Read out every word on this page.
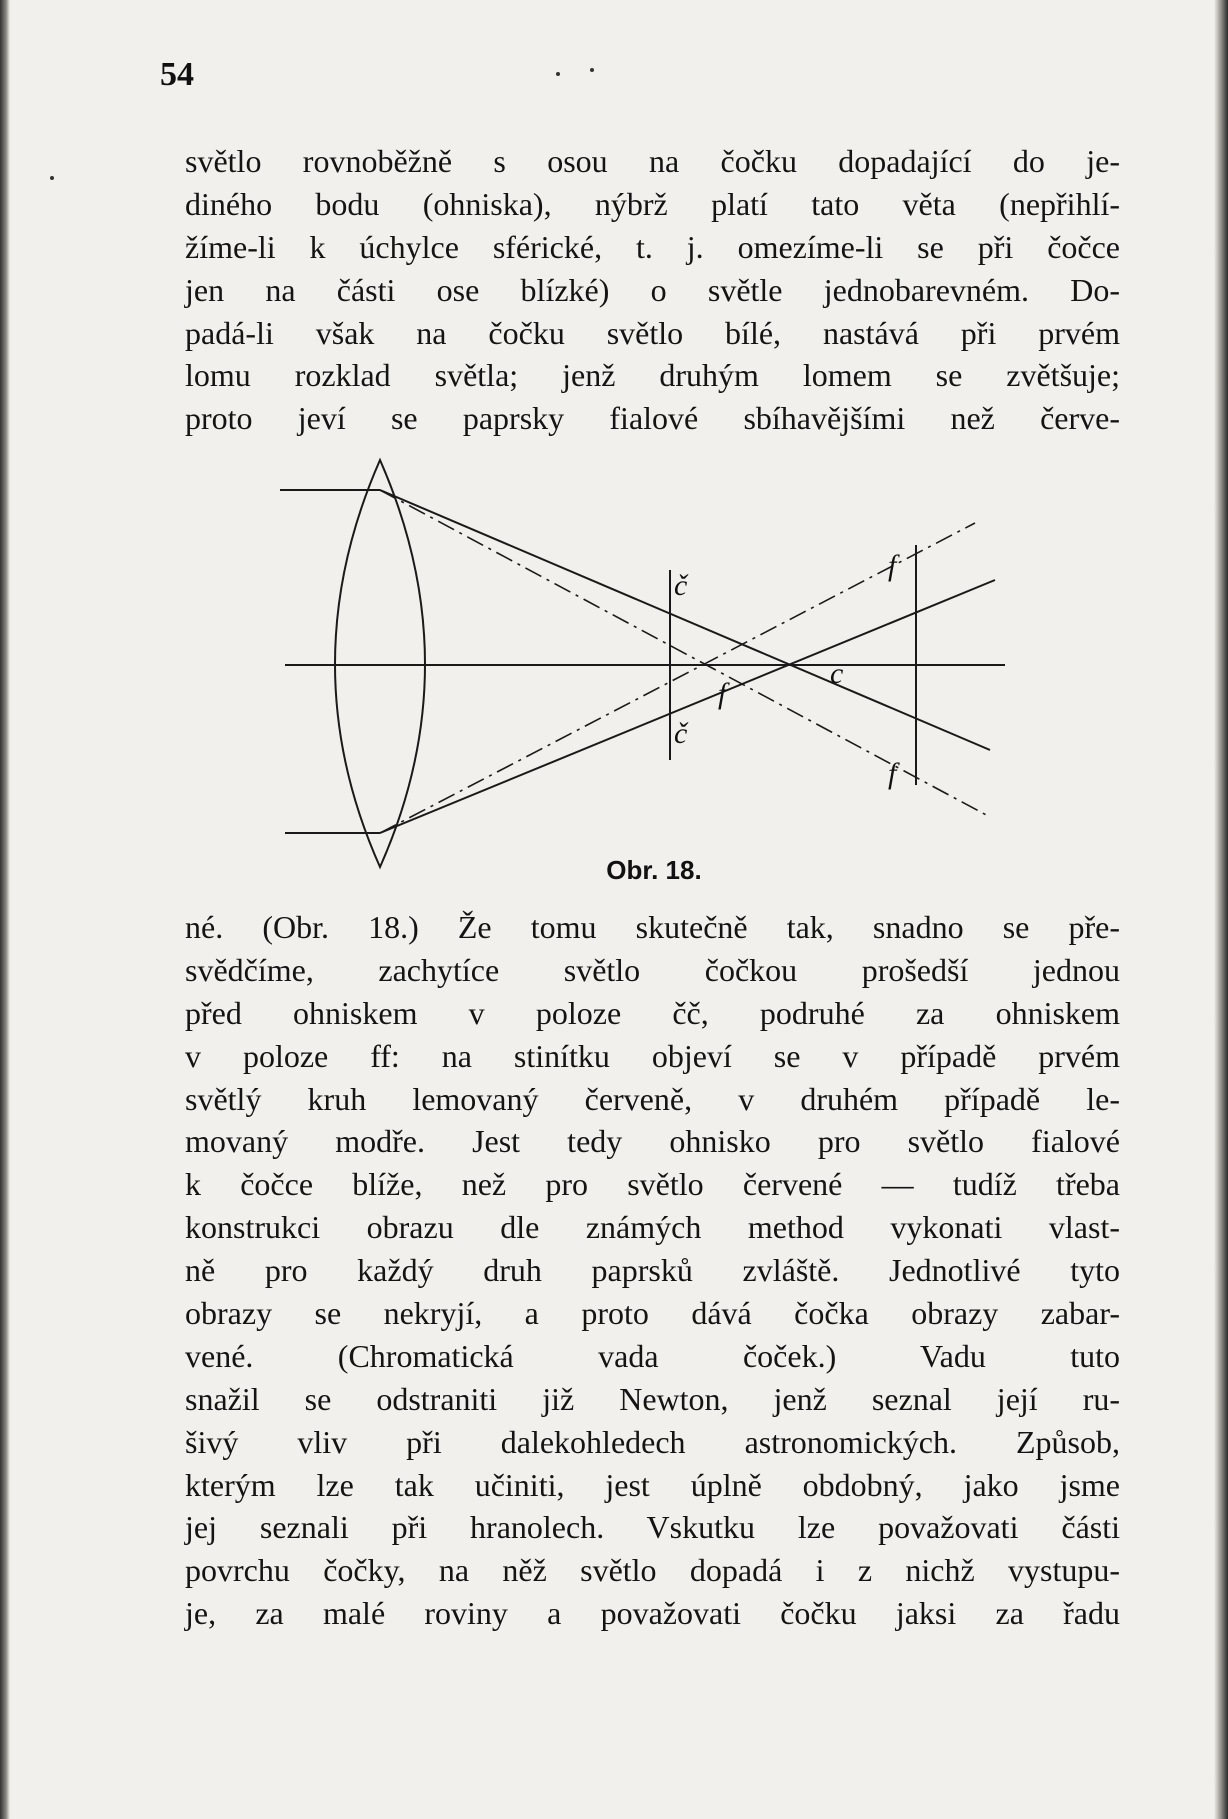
54
světlo rovnoběžně s osou na čočku dopadající do je-
diného bodu (ohniska), nýbrž platí tato věta (nepřihlí-
žíme-li k úchylce sférické, t. j. omezíme-li se při čočce
jen na části ose blízké) o světle jednobarevném. Do-
padá-li však na čočku světlo bílé, nastává při prvém
lomu rozklad světla; jenž druhým lomem se zvětšuje;
proto jeví se paprsky fialové sbíhavějšími než červe-
č
č
f
c
f
f
Obr. 18.
né. (Obr. 18.) Že tomu skutečně tak, snadno se pře-
svědčíme, zachytíce světlo čočkou prošedší jednou
před ohniskem v poloze čč, podruhé za ohniskem
v poloze ff: na stinítku objeví se v případě prvém
světlý kruh lemovaný červeně, v druhém případě le-
movaný modře. Jest tedy ohnisko pro světlo fialové
k čočce blíže, než pro světlo červené — tudíž třeba
konstrukci obrazu dle známých method vykonati vlast-
ně pro každý druh paprsků zvláště. Jednotlivé tyto
obrazy se nekryjí, a proto dává čočka obrazy zabar-
vené. (Chromatická vada čoček.) Vadu tuto
snažil se odstraniti již Newton, jenž seznal její ru-
šivý vliv při dalekohledech astronomických. Způsob,
kterým lze tak učiniti, jest úplně obdobný, jako jsme
jej seznali při hranolech. Vskutku lze považovati části
povrchu čočky, na něž světlo dopadá i z nichž vystupu-
je, za malé roviny a považovati čočku jaksi za řadu
